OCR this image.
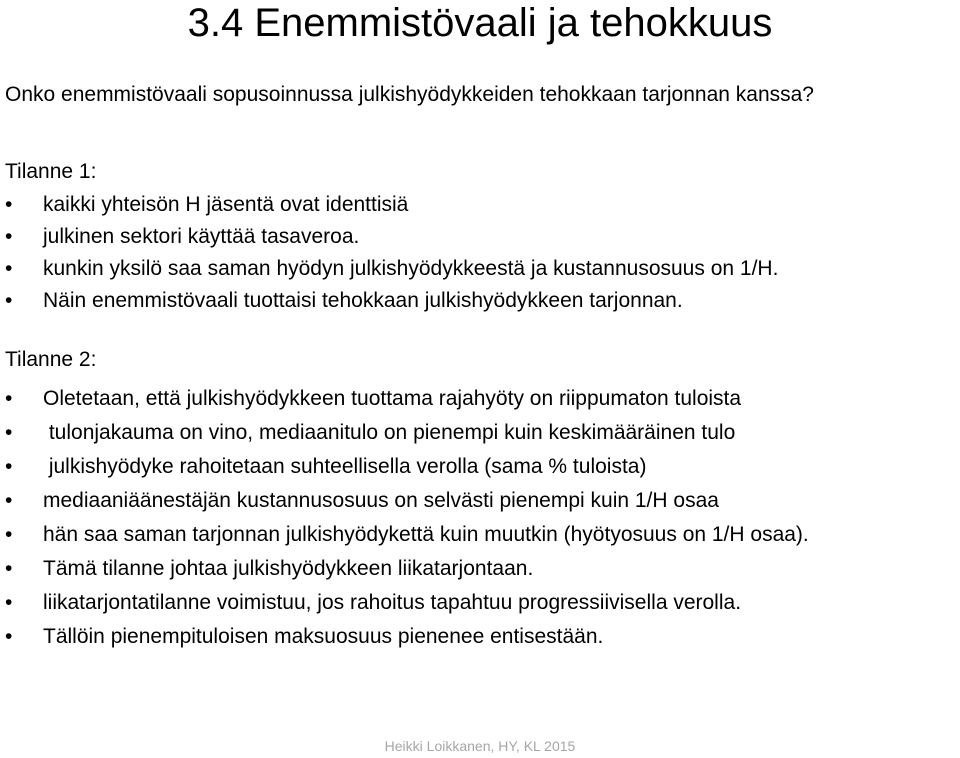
3.4 Enemmistövaali ja tehokkuus

Onko enemmistövaali sopusoinnussa julkishyödykkeiden tehokkaan tarjonnan kanssa?

Tilanne 1:

• kaikki yhteisön H jäsentä ovat identtisiä
• julkinen sektori käyttää tasaveroa.
• kunkin yksilö saa saman hyödyn julkishyödykkeestä ja kustannusosuus on 1/H.
• Näin enemmistövaali tuottaisi tehokkaan julkishyödykkeen tarjonnan.

Tilanne 2:

• Oletetaan, että julkishyödykkeen tuottama rajahyöty on riippumaton tuloista
• tulonjakauma on vino, mediaanitulo on pienempi kuin keskimääräinen tulo
• julkishyödyke rahoitetaan suhteellisella verolla (sama % tuloista)
• mediaaniäänestäjän kustannusosuus on selvästi pienempi kuin 1/H osaa
• hän saa saman tarjonnan julkishyödykettä kuin muutkin (hyötyosuus on 1/H osaa).
• Tämä tilanne johtaa julkishyödykkeen liikatarjontaan.
• liikatarjontatilanne voimistuu, jos rahoitus tapahtuu progressiivisella verolla.
• Tällöin pienempituloisen maksuosuus pienenee entisestään.
Heikki Loikkanen, HY, KL 2015
